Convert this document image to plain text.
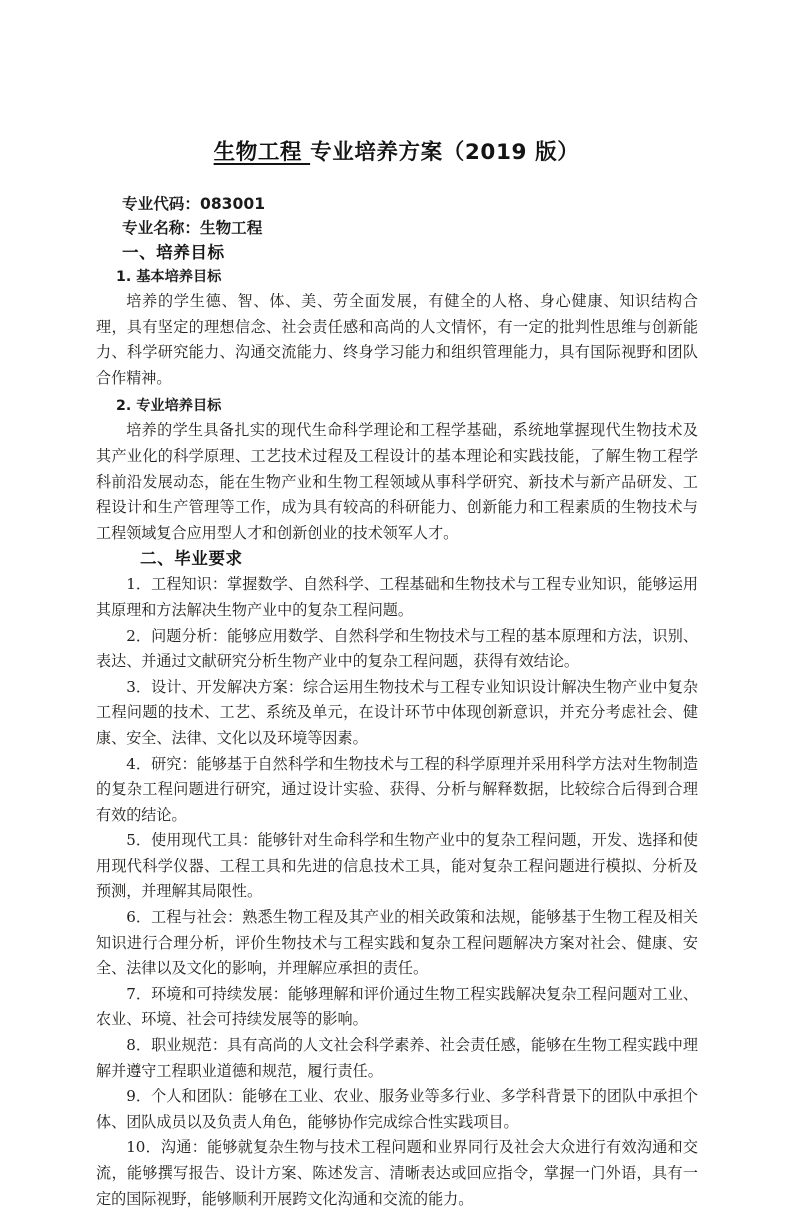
生物工程 专业培养方案（2019 版）
专业代码：083001
专业名称：生物工程
一、培养目标
1. 基本培养目标

培养的学生德、智、体、美、劳全面发展，有健全的人格、身心健康、知识结构合理，具有坚定的理想信念、社会责任感和高尚的人文情怀，有一定的批判性思维与创新能力、科学研究能力、沟通交流能力、终身学习能力和组织管理能力，具有国际视野和团队合作精神。

2. 专业培养目标

培养的学生具备扎实的现代生命科学理论和工程学基础，系统地掌握现代生物技术及其产业化的科学原理、工艺技术过程及工程设计的基本理论和实践技能，了解生物工程学科前沿发展动态，能在生物产业和生物工程领域从事科学研究、新技术与新产品研发、工程设计和生产管理等工作，成为具有较高的科研能力、创新能力和工程素质的生物技术与工程领域复合应用型人才和创新创业的技术领军人才。

二、毕业要求

1．工程知识：掌握数学、自然科学、工程基础和生物技术与工程专业知识，能够运用其原理和方法解决生物产业中的复杂工程问题。

2．问题分析：能够应用数学、自然科学和生物技术与工程的基本原理和方法，识别、表达、并通过文献研究分析生物产业中的复杂工程问题，获得有效结论。

3．设计、开发解决方案：综合运用生物技术与工程专业知识设计解决生物产业中复杂工程问题的技术、工艺、系统及单元，在设计环节中体现创新意识，并充分考虑社会、健康、安全、法律、文化以及环境等因素。

4．研究：能够基于自然科学和生物技术与工程的科学原理并采用科学方法对生物制造的复杂工程问题进行研究，通过设计实验、获得、分析与解释数据，比较综合后得到合理有效的结论。

5．使用现代工具：能够针对生命科学和生物产业中的复杂工程问题，开发、选择和使用现代科学仪器、工程工具和先进的信息技术工具，能对复杂工程问题进行模拟、分析及预测，并理解其局限性。

6．工程与社会：熟悉生物工程及其产业的相关政策和法规，能够基于生物工程及相关知识进行合理分析，评价生物技术与工程实践和复杂工程问题解决方案对社会、健康、安全、法律以及文化的影响，并理解应承担的责任。

7．环境和可持续发展：能够理解和评价通过生物工程实践解决复杂工程问题对工业、农业、环境、社会可持续发展等的影响。

8．职业规范：具有高尚的人文社会科学素养、社会责任感，能够在生物工程实践中理解并遵守工程职业道德和规范，履行责任。

9．个人和团队：能够在工业、农业、服务业等多行业、多学科背景下的团队中承担个体、团队成员以及负责人角色，能够协作完成综合性实践项目。

10．沟通：能够就复杂生物与技术工程问题和业界同行及社会大众进行有效沟通和交流，能够撰写报告、设计方案、陈述发言、清晰表达或回应指令，掌握一门外语，具有一定的国际视野，能够顺利开展跨文化沟通和交流的能力。
